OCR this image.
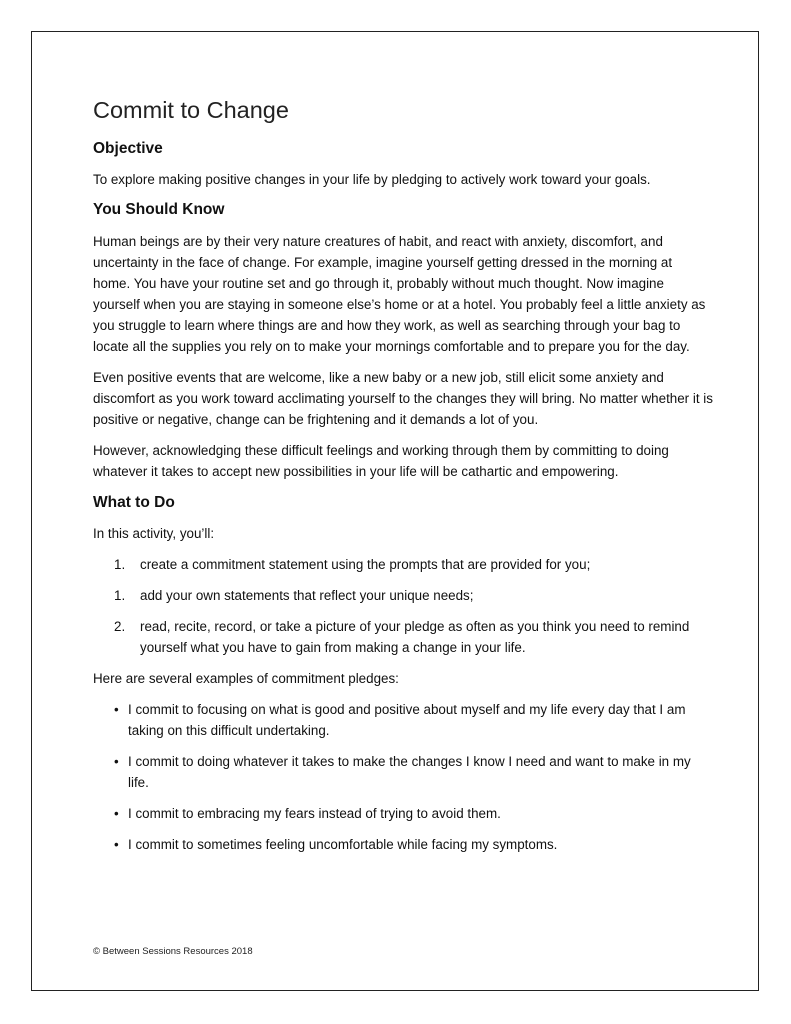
Commit to Change
Objective

To explore making positive changes in your life by pledging to actively work toward your goals.

You Should Know

Human beings are by their very nature creatures of habit, and react with anxiety, discomfort, and uncertainty in the face of change. For example, imagine yourself getting dressed in the morning at home. You have your routine set and go through it, probably without much thought. Now imagine yourself when you are staying in someone else’s home or at a hotel. You probably feel a little anxiety as you struggle to learn where things are and how they work, as well as searching through your bag to locate all the supplies you rely on to make your mornings comfortable and to prepare you for the day.

Even positive events that are welcome, like a new baby or a new job, still elicit some anxiety and discomfort as you work toward acclimating yourself to the changes they will bring. No matter whether it is positive or negative, change can be frightening and it demands a lot of you.

However, acknowledging these difficult feelings and working through them by committing to doing whatever it takes to accept new possibilities in your life will be cathartic and empowering.

What to Do

In this activity, you’ll:

1. create a commitment statement using the prompts that are provided for you;
1. add your own statements that reflect your unique needs;
2. read, recite, record, or take a picture of your pledge as often as you think you need to remind yourself what you have to gain from making a change in your life.

Here are several examples of commitment pledges:

• I commit to focusing on what is good and positive about myself and my life every day that I am taking on this difficult undertaking.
• I commit to doing whatever it takes to make the changes I know I need and want to make in my life.
• I commit to embracing my fears instead of trying to avoid them.
• I commit to sometimes feeling uncomfortable while facing my symptoms.
© Between Sessions Resources 2018
